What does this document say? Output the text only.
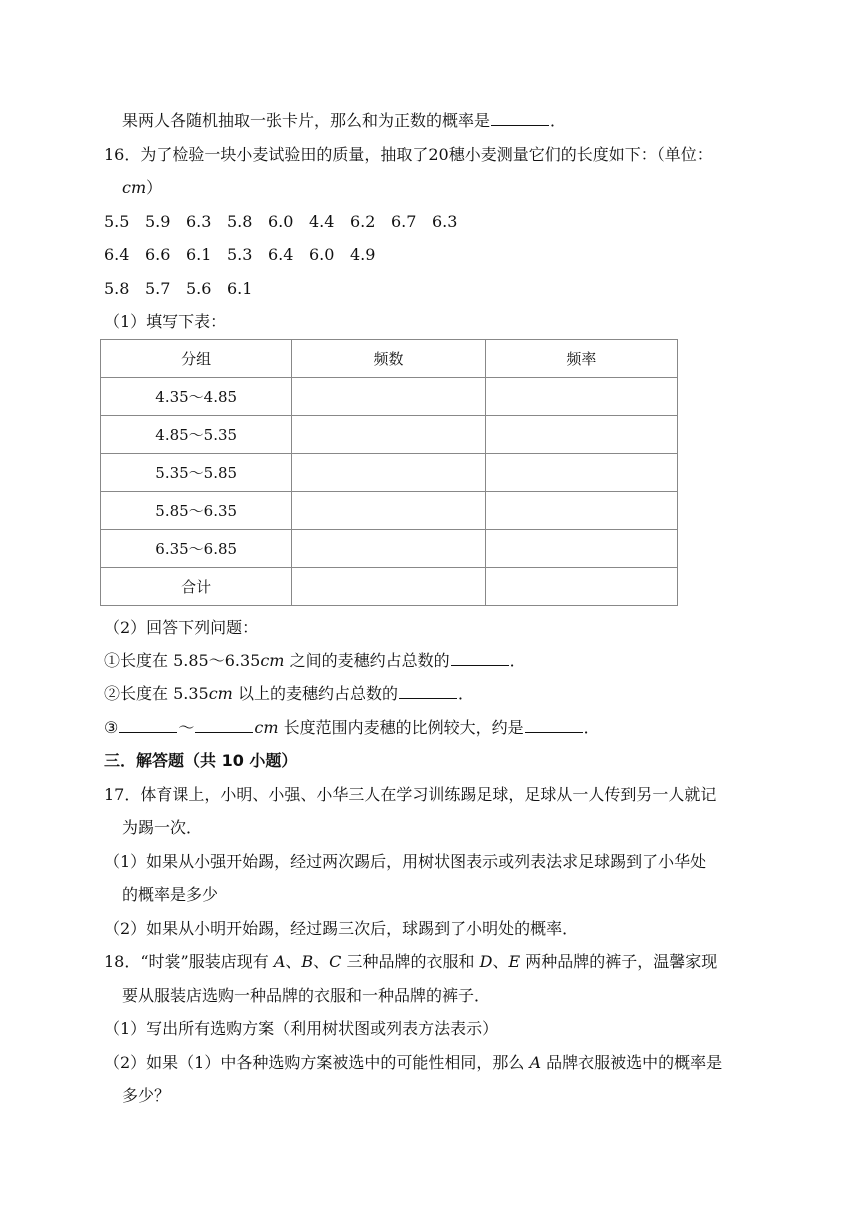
果两人各随机抽取一张卡片，那么和为正数的概率是	．
16．为了检验一块小麦试验田的质量，抽取了20穗小麦测量它们的长度如下：（单位：
cm）
5.5 5.9 6.3 5.8 6.0 4.4 6.2 6.7 6.3
6.4 6.6 6.1 5.3 6.4 6.0 4.9
5.8 5.7 5.6 6.1
（1）填写下表：
分组	频数	频率
4.35～4.85		
4.85～5.35		
5.35～5.85		
5.85～6.35		
6.35～6.85		
合计		
（2）回答下列问题：
①长度在 5.85～6.35cm 之间的麦穗约占总数的	．
②长度在 5.35cm 以上的麦穗约占总数的	．
③	～	cm 长度范围内麦穗的比例较大，约是	．
三．解答题（共 10 小题）
17．体育课上，小明、小强、小华三人在学习训练踢足球，足球从一人传到另一人就记
为踢一次．
（1）如果从小强开始踢，经过两次踢后，用树状图表示或列表法求足球踢到了小华处
的概率是多少
（2）如果从小明开始踢，经过踢三次后，球踢到了小明处的概率．
18．“时裳”服装店现有 A、B、C 三种品牌的衣服和 D、E 两种品牌的裤子，温馨家现
要从服装店选购一种品牌的衣服和一种品牌的裤子．
（1）写出所有选购方案（利用树状图或列表方法表示）
（2）如果（1）中各种选购方案被选中的可能性相同，那么 A 品牌衣服被选中的概率是
多少？
